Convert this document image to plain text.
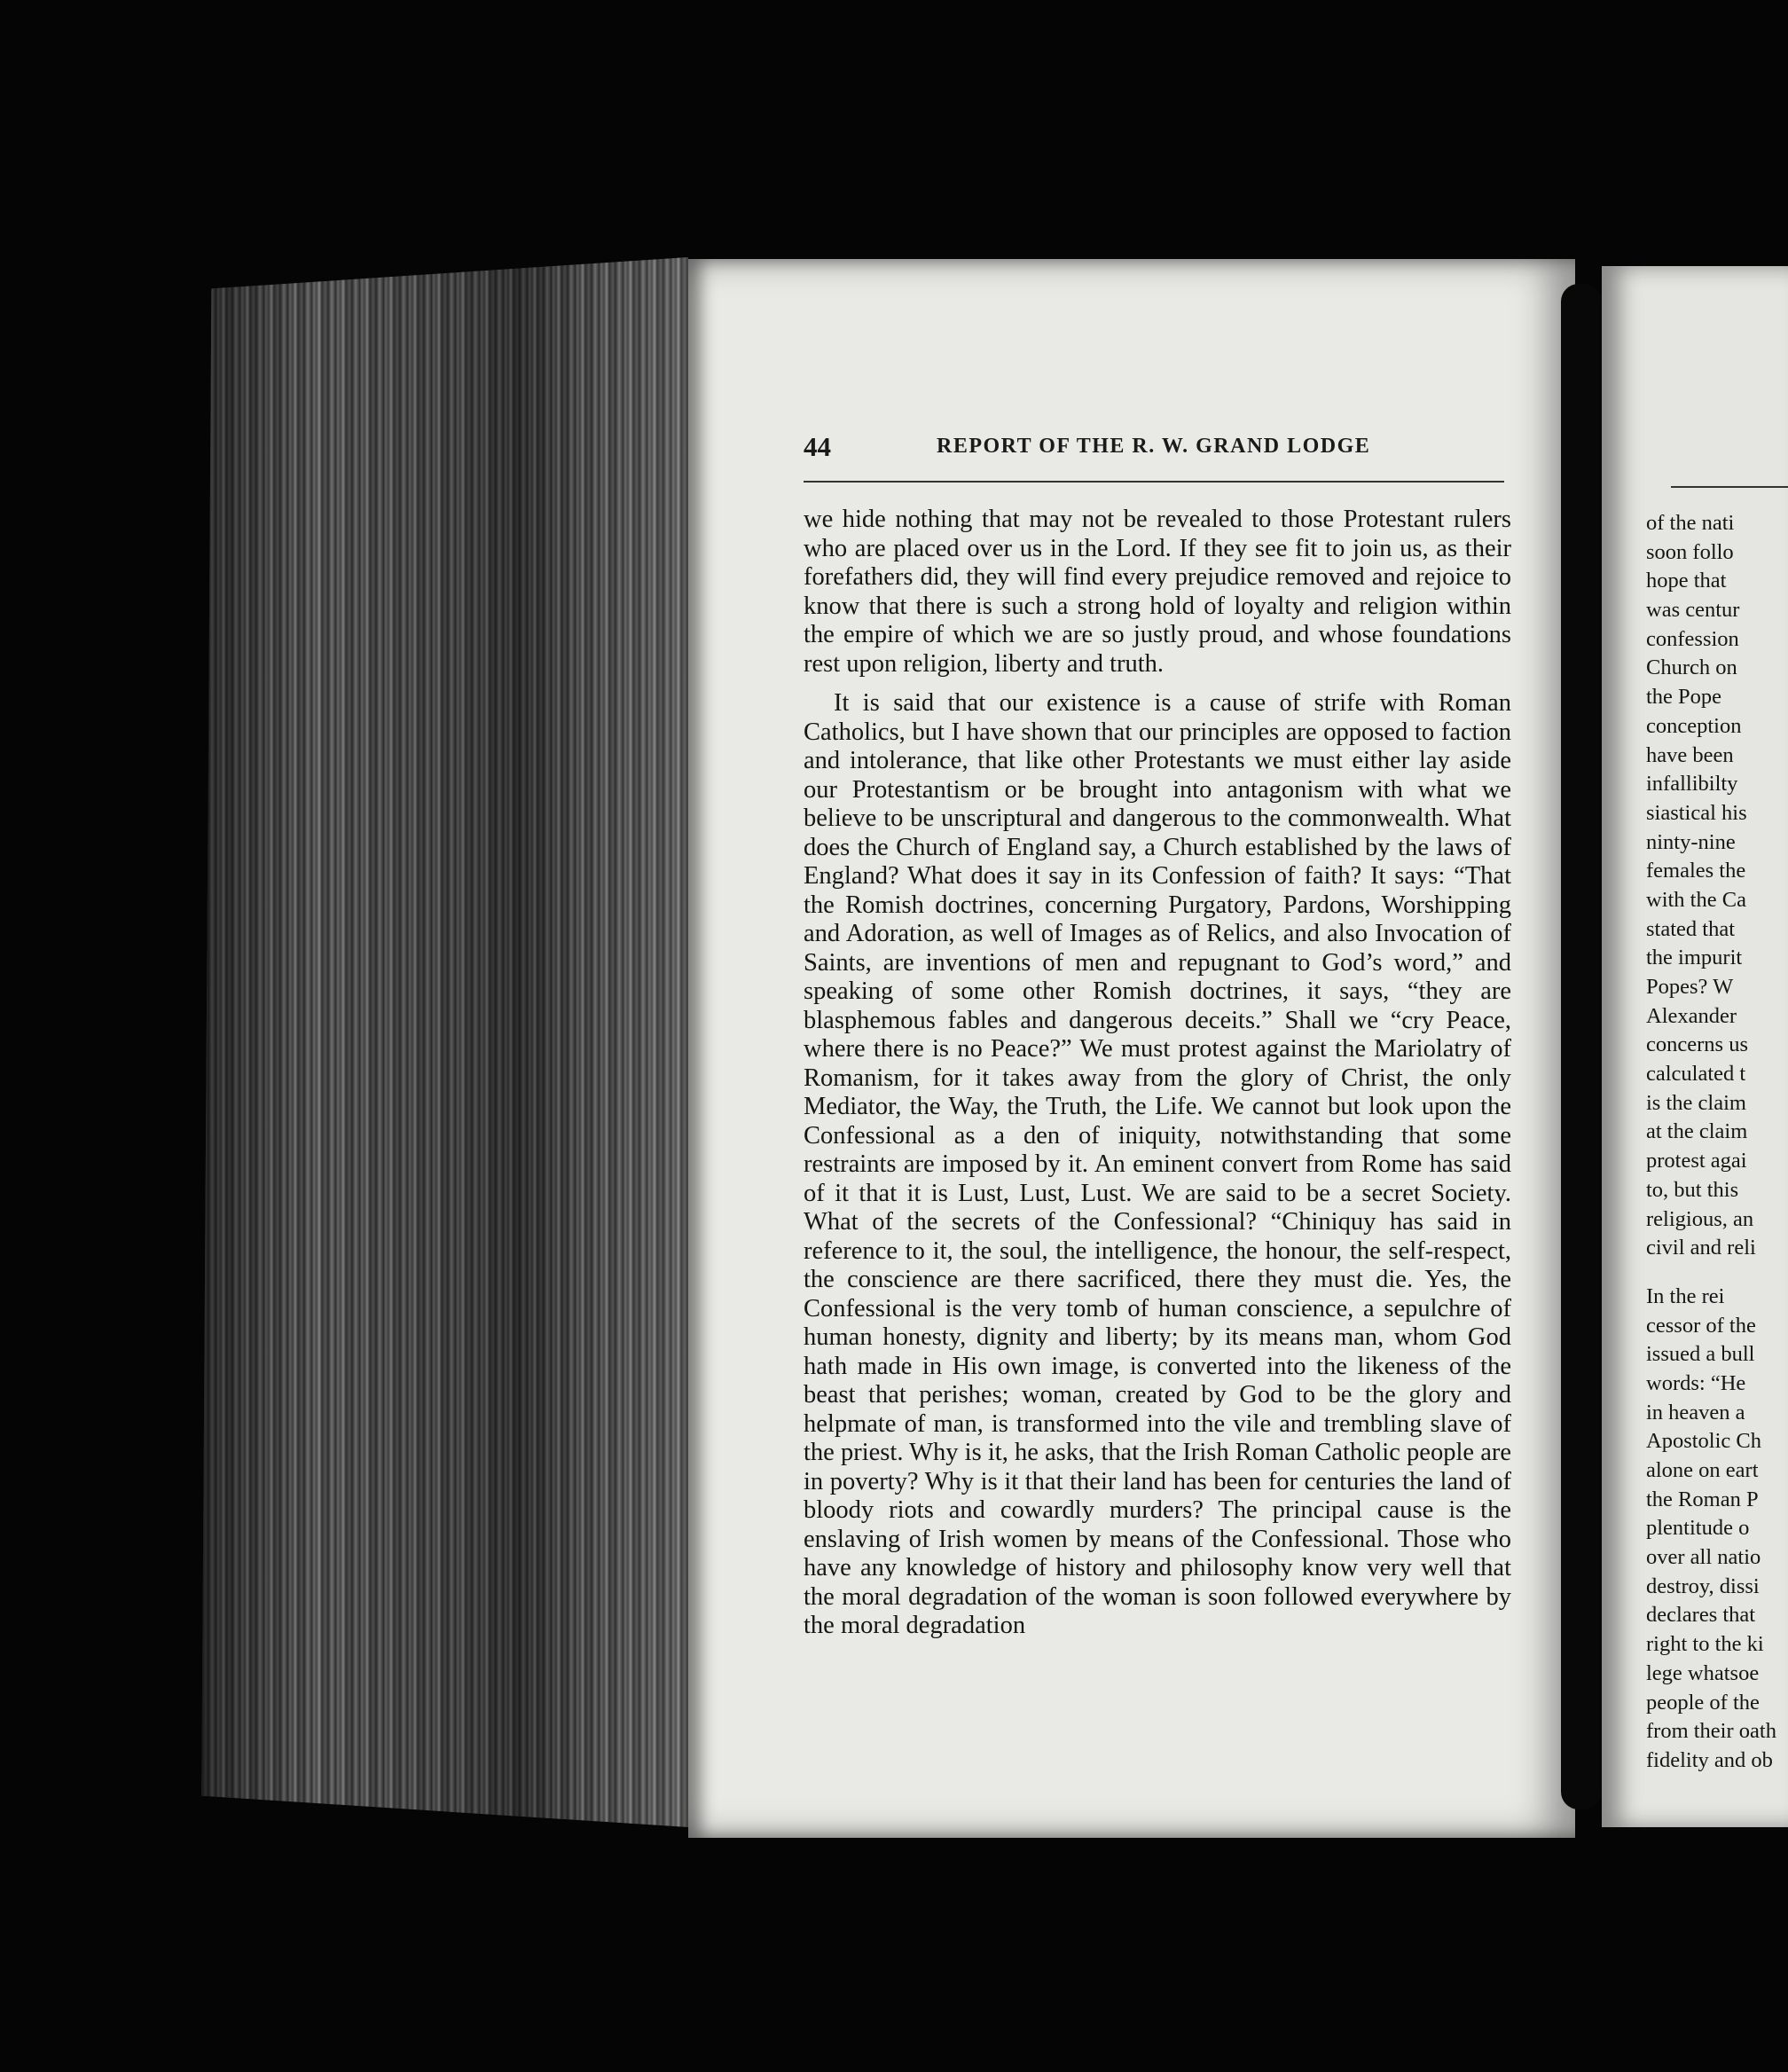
44	REPORT OF THE R. W. GRAND LODGE

we hide nothing that may not be revealed to those Protestant rulers who are placed over us in the Lord. If they see fit to join us, as their forefathers did, they will find every prejudice removed and rejoice to know that there is such a strong hold of loyalty and religion within the empire of which we are so justly proud, and whose foundations rest upon religion, liberty and truth.

It is said that our existence is a cause of strife with Roman Catholics, but I have shown that our principles are opposed to faction and intolerance, that like other Protestants we must either lay aside our Protestantism or be brought into antagonism with what we believe to be unscriptural and dangerous to the commonwealth. What does the Church of England say, a Church established by the laws of England? What does it say in its Confession of faith? It says: “That the Romish doctrines, concerning Purgatory, Pardons, Worshipping and Adoration, as well of Images as of Relics, and also Invocation of Saints, are inventions of men and repugnant to God’s word,” and speaking of some other Romish doctrines, it says, “they are blasphemous fables and dangerous deceits.” Shall we “cry Peace, where there is no Peace?” We must protest against the Mariolatry of Romanism, for it takes away from the glory of Christ, the only Mediator, the Way, the Truth, the Life. We cannot but look upon the Confessional as a den of iniquity, notwithstanding that some restraints are imposed by it. An eminent convert from Rome has said of it that it is Lust, Lust, Lust. We are said to be a secret Society. What of the secrets of the Confessional? “Chiniquy has said in reference to it, the soul, the intelligence, the honour, the self-respect, the conscience are there sacrificed, there they must die. Yes, the Confessional is the very tomb of human conscience, a sepulchre of human honesty, dignity and liberty; by its means man, whom God hath made in His own image, is converted into the likeness of the beast that perishes; woman, created by God to be the glory and helpmate of man, is transformed into the vile and trembling slave of the priest. Why is it, he asks, that the Irish Roman Catholic people are in poverty? Why is it that their land has been for centuries the land of bloody riots and cowardly murders? The principal cause is the enslaving of Irish women by means of the Confessional. Those who have any knowledge of history and philosophy know very well that the moral degradation of the woman is soon followed everywhere by the moral degradation

of the nati
soon follo
hope that
was centur
confession
Church on
the Pope
conception
have been
infallibilty
siastical his
ninty-nine
females the
with the Ca
stated that
the impurit
Popes? W
Alexander
concerns us
calculated t
is the claim
at the claim
protest agai
to, but this
religious, an
civil and reli
In the rei
cessor of the
issued a bull
words: “He
in heaven a
Apostolic Ch
alone on eart
the Roman P
plentitude o
over all natio
destroy, dissi
declares that
right to the ki
lege whatsoe
people of the
from their oath
fidelity and ob
